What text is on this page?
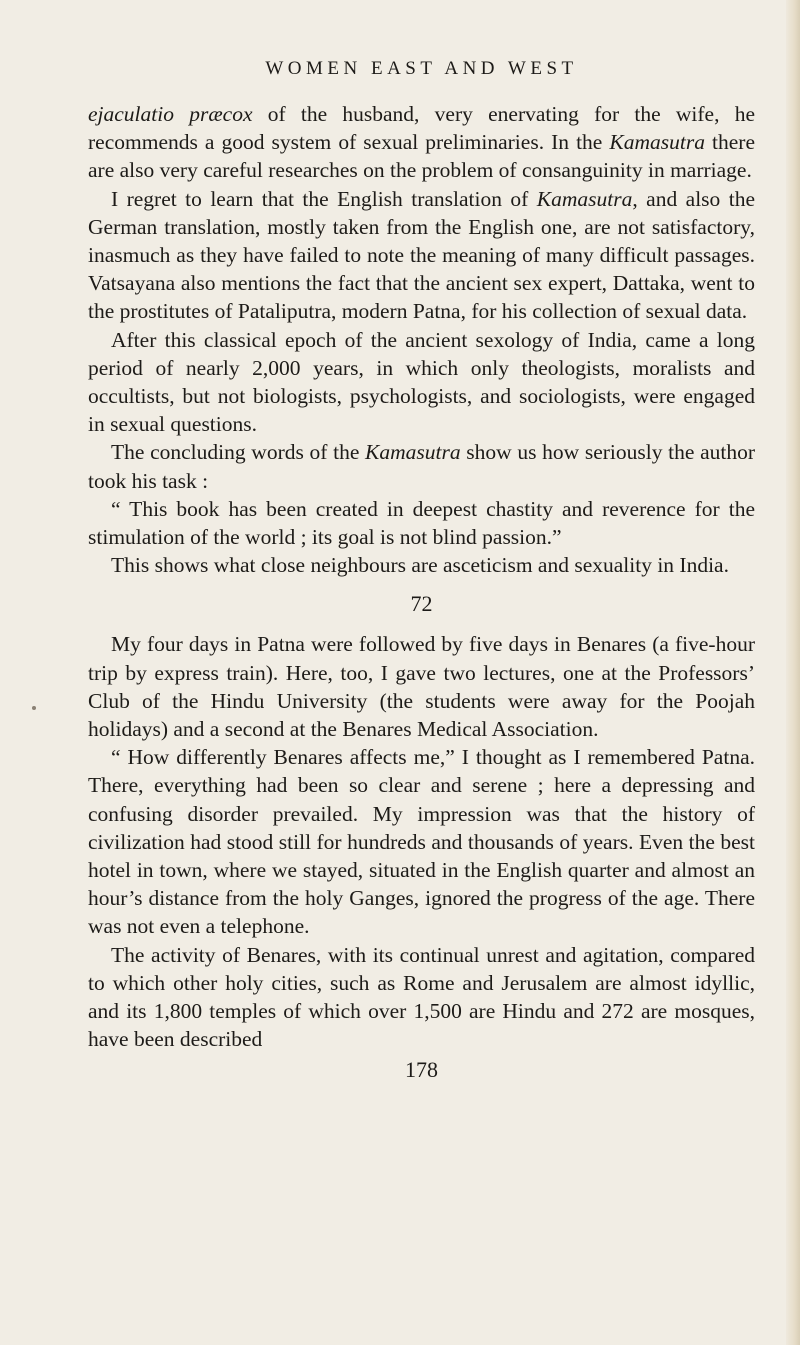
WOMEN EAST AND WEST

ejaculatio præcox of the husband, very enervating for the wife, he recommends a good system of sexual preliminaries. In the Kamasutra there are also very careful researches on the problem of consanguinity in marriage.

I regret to learn that the English translation of Kamasutra, and also the German translation, mostly taken from the English one, are not satisfactory, inasmuch as they have failed to note the meaning of many difficult passages. Vatsayana also mentions the fact that the ancient sex expert, Dattaka, went to the prostitutes of Pataliputra, modern Patna, for his collection of sexual data.

After this classical epoch of the ancient sexology of India, came a long period of nearly 2,000 years, in which only theologists, moralists and occultists, but not biologists, psychologists, and sociologists, were engaged in sexual questions.

The concluding words of the Kamasutra show us how seriously the author took his task :

“ This book has been created in deepest chastity and reverence for the stimulation of the world ; its goal is not blind passion.”

This shows what close neighbours are asceticism and sexuality in India.

72

My four days in Patna were followed by five days in Benares (a five-hour trip by express train). Here, too, I gave two lectures, one at the Professors’ Club of the Hindu University (the students were away for the Poojah holidays) and a second at the Benares Medical Association.

“ How differently Benares affects me,” I thought as I remembered Patna. There, everything had been so clear and serene ; here a depressing and confusing disorder prevailed. My impression was that the history of civilization had stood still for hundreds and thousands of years. Even the best hotel in town, where we stayed, situated in the English quarter and almost an hour’s distance from the holy Ganges, ignored the progress of the age. There was not even a telephone.

The activity of Benares, with its continual unrest and agitation, compared to which other holy cities, such as Rome and Jerusalem are almost idyllic, and its 1,800 temples of which over 1,500 are Hindu and 272 are mosques, have been described

178
